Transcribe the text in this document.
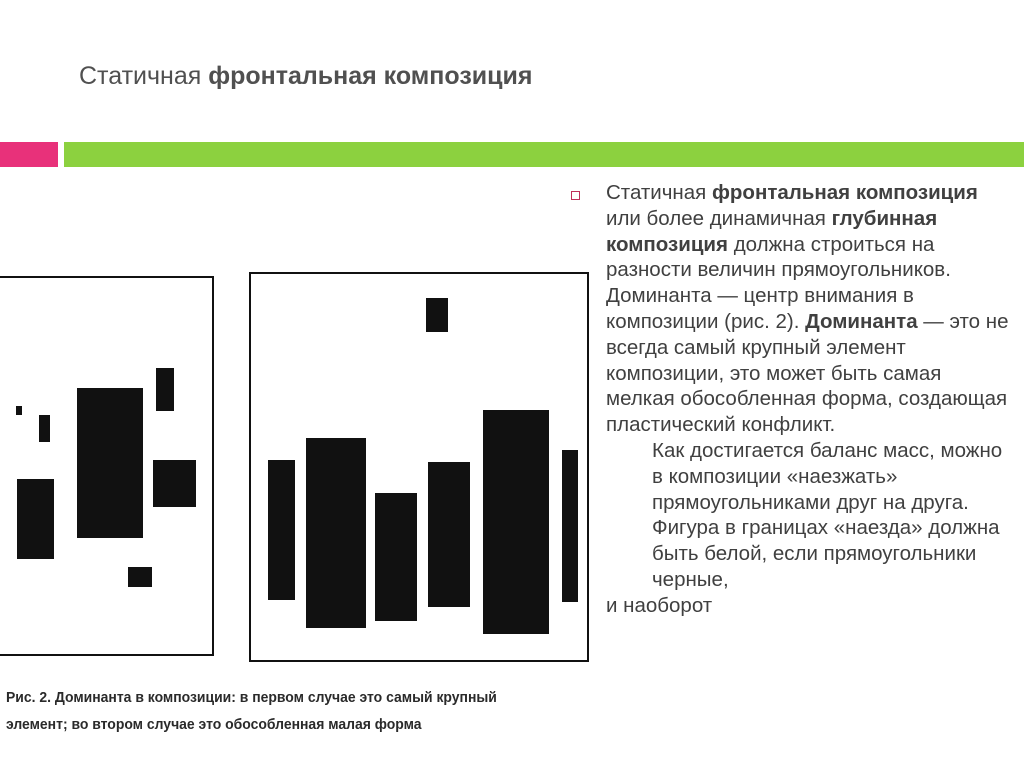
Статичная фронтальная композиция
Рис. 2. Доминанта в композиции: в первом случае это самый крупный
элемент; во втором случае это обособленная малая форма
Статичная фронтальная композиция или более динамичная глубинная композиция должна строиться на разности величин прямоугольников. Доминанта — центр внимания в композиции (рис. 2). Доминанта — это не всегда самый крупный элемент композиции, это может быть самая мелкая обособленная форма, создающая пластический конфликт.
Как достигается баланс масс, можно в композиции «наезжать» прямоугольниками друг на друга. Фигура в границах «наезда» должна быть белой, если прямоугольники черные,
и наоборот
